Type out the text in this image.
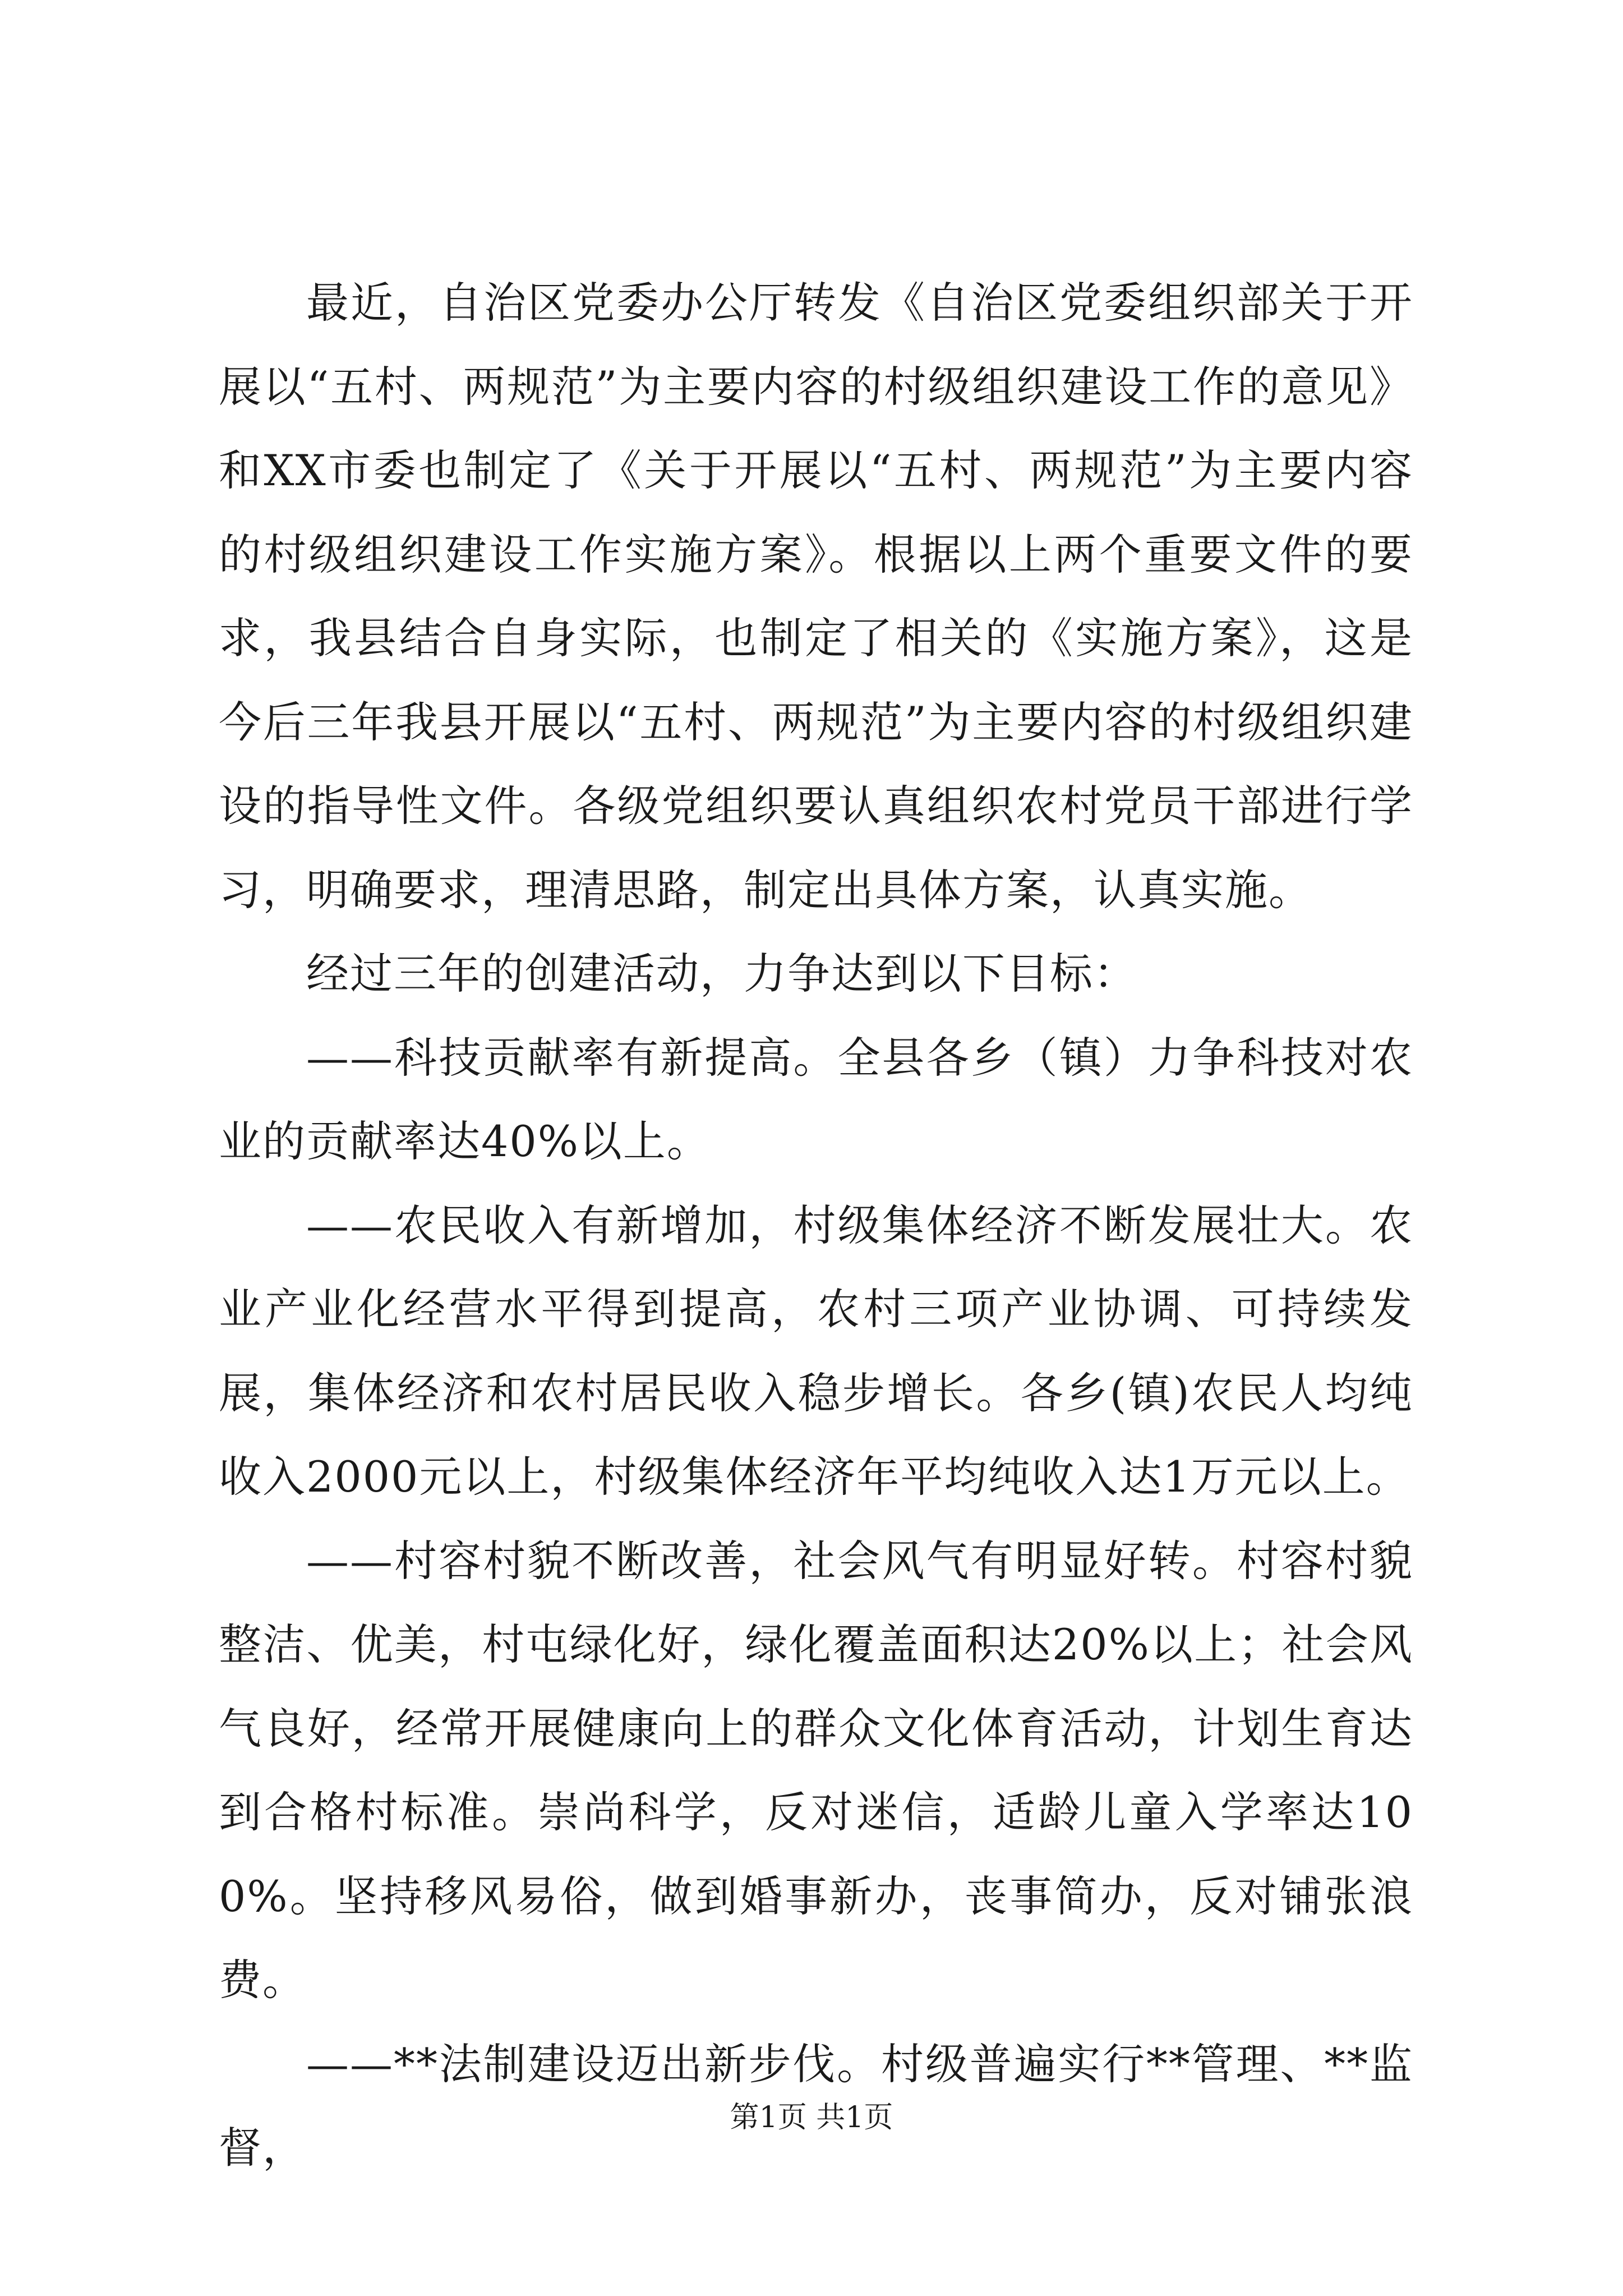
最近，自治区党委办公厅转发《自治区党委组织部关于开展以“五村、两规范”为主要内容的村级组织建设工作的意见》和XX市委也制定了《关于开展以“五村、两规范”为主要内容的村级组织建设工作实施方案》。根据以上两个重要文件的要求，我县结合自身实际，也制定了相关的《实施方案》，这是今后三年我县开展以“五村、两规范”为主要内容的村级组织建设的指导性文件。各级党组织要认真组织农村党员干部进行学习，明确要求，理清思路，制定出具体方案，认真实施。

经过三年的创建活动，力争达到以下目标：

——科技贡献率有新提高。全县各乡（镇）力争科技对农业的贡献率达40%以上。

——农民收入有新增加，村级集体经济不断发展壮大。农业产业化经营水平得到提高，农村三项产业协调、可持续发展，集体经济和农村居民收入稳步增长。各乡(镇)农民人均纯收入2000元以上，村级集体经济年平均纯收入达1万元以上。

——村容村貌不断改善，社会风气有明显好转。村容村貌整洁、优美，村屯绿化好，绿化覆盖面积达20%以上；社会风气良好，经常开展健康向上的群众文化体育活动，计划生育达到合格村标准。崇尚科学，反对迷信，适龄儿童入学率达100%。坚持移风易俗，做到婚事新办，丧事简办，反对铺张浪费。

——**法制建设迈出新步伐。村级普遍实行**管理、**监督，

第1页 共1页
